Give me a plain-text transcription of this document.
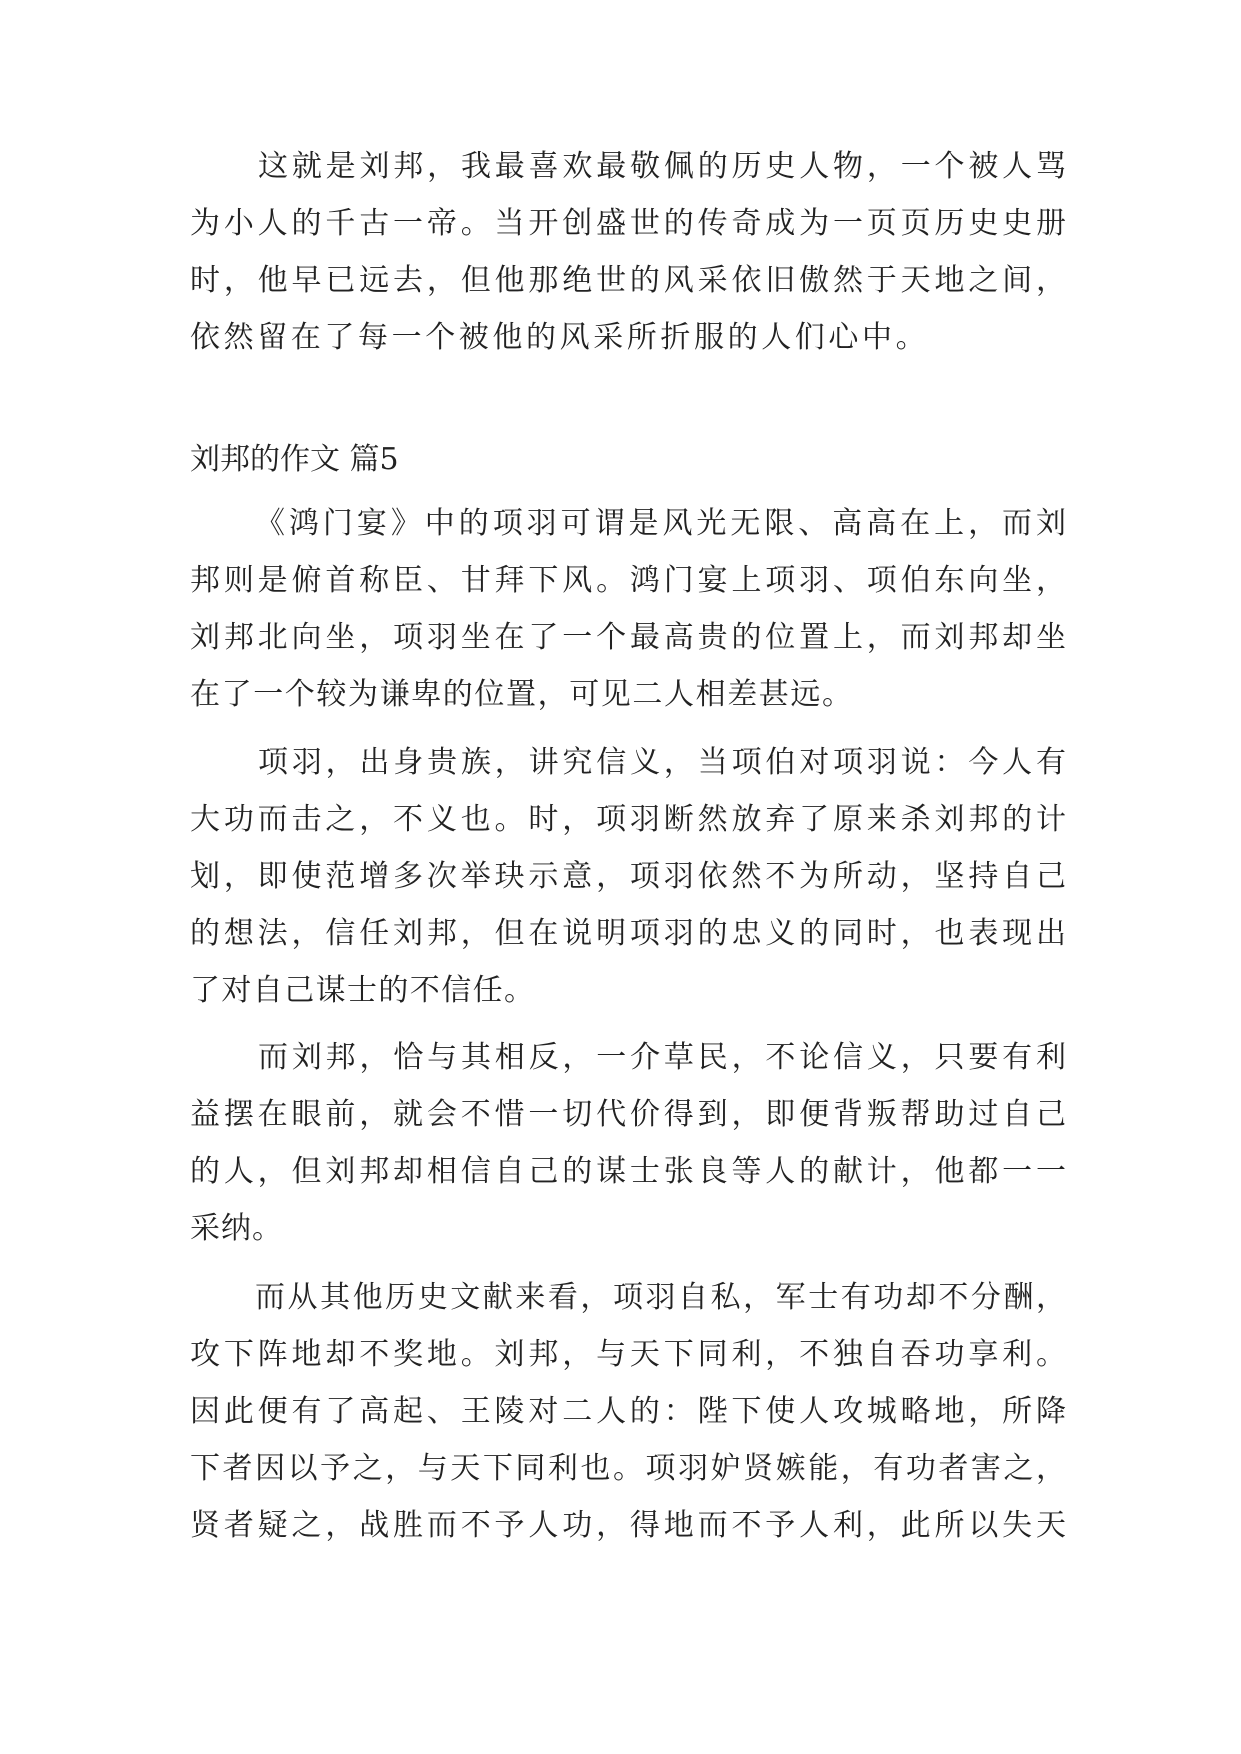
这就是刘邦，我最喜欢最敬佩的历史人物，一个被人骂
为小人的千古一帝。当开创盛世的传奇成为一页页历史史册
时，他早已远去，但他那绝世的风采依旧傲然于天地之间，
依然留在了每一个被他的风采所折服的人们心中。
刘邦的作文 篇5
《鸿门宴》中的项羽可谓是风光无限、高高在上，而刘
邦则是俯首称臣、甘拜下风。鸿门宴上项羽、项伯东向坐，
刘邦北向坐，项羽坐在了一个最高贵的位置上，而刘邦却坐
在了一个较为谦卑的位置，可见二人相差甚远。
项羽，出身贵族，讲究信义，当项伯对项羽说：今人有
大功而击之，不义也。时，项羽断然放弃了原来杀刘邦的计
划，即使范增多次举玦示意，项羽依然不为所动，坚持自己
的想法，信任刘邦，但在说明项羽的忠义的同时，也表现出
了对自己谋士的不信任。
而刘邦，恰与其相反，一介草民，不论信义，只要有利
益摆在眼前，就会不惜一切代价得到，即便背叛帮助过自己
的人，但刘邦却相信自己的谋士张良等人的献计，他都一一
采纳。
而从其他历史文献来看，项羽自私，军士有功却不分酬，
攻下阵地却不奖地。刘邦，与天下同利，不独自吞功享利。
因此便有了高起、王陵对二人的：陛下使人攻城略地，所降
下者因以予之，与天下同利也。项羽妒贤嫉能，有功者害之，
贤者疑之，战胜而不予人功，得地而不予人利，此所以失天
